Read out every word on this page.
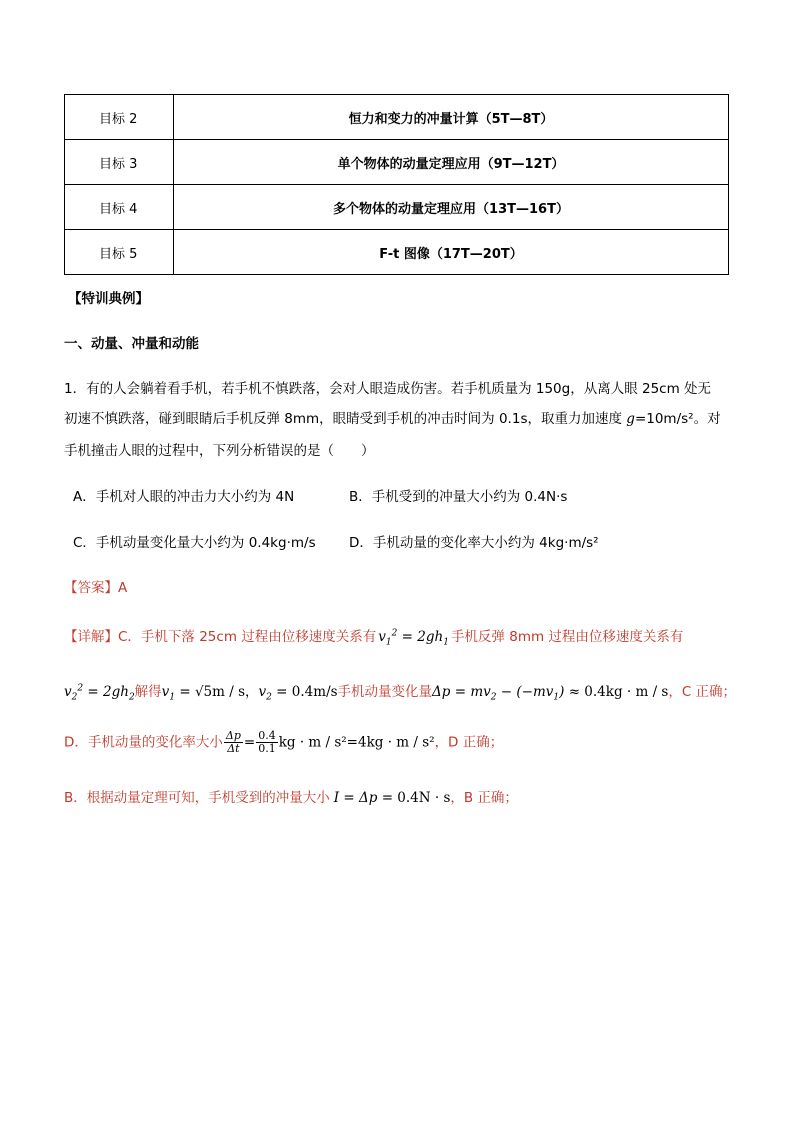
目标 2	恒力和变力的冲量计算（5T—8T）
目标 3	单个物体的动量定理应用（9T—12T）
目标 4	多个物体的动量定理应用（13T—16T）
目标 5	F-t 图像（17T—20T）
【特训典例】
一、动量、冲量和动能
1．有的人会躺着看手机，若手机不慎跌落，会对人眼造成伤害。若手机质量为 150g，从离人眼 25cm 处无
初速不慎跌落，碰到眼睛后手机反弹 8mm，眼睛受到手机的冲击时间为 0.1s，取重力加速度 g=10m/s²。对
手机撞击人眼的过程中，下列分析错误的是（　　）
A．手机对人眼的冲击力大小约为 4N	B．手机受到的冲量大小约为 0.4N·s
C．手机动量变化量大小约为 0.4kg·m/s D．手机动量的变化率大小约为 4kg·m/s²
【答案】A
【详解】C．手机下落 25cm 过程由位移速度关系有 $v_1^2 = 2gh_1$ 手机反弹 8mm 过程由位移速度关系有
$v_2^2 = 2gh_2$解得$v_1 = √5m / s$，$v_2 = 0.4m/s$手机动量变化量$\Delta p = mv_2 - (-mv_1) \approx 0.4kg \cdot m / s$，C 正确；
D．手机动量的变化率大小 $\frac{\Delta p}{\Delta t} = \frac{0.4}{0.1}$ kg · m / s²=4kg · m / s²，D 正确；
B．根据动量定理可知，手机受到的冲量大小 I = Δp = 0.4N · s，B 正确；
